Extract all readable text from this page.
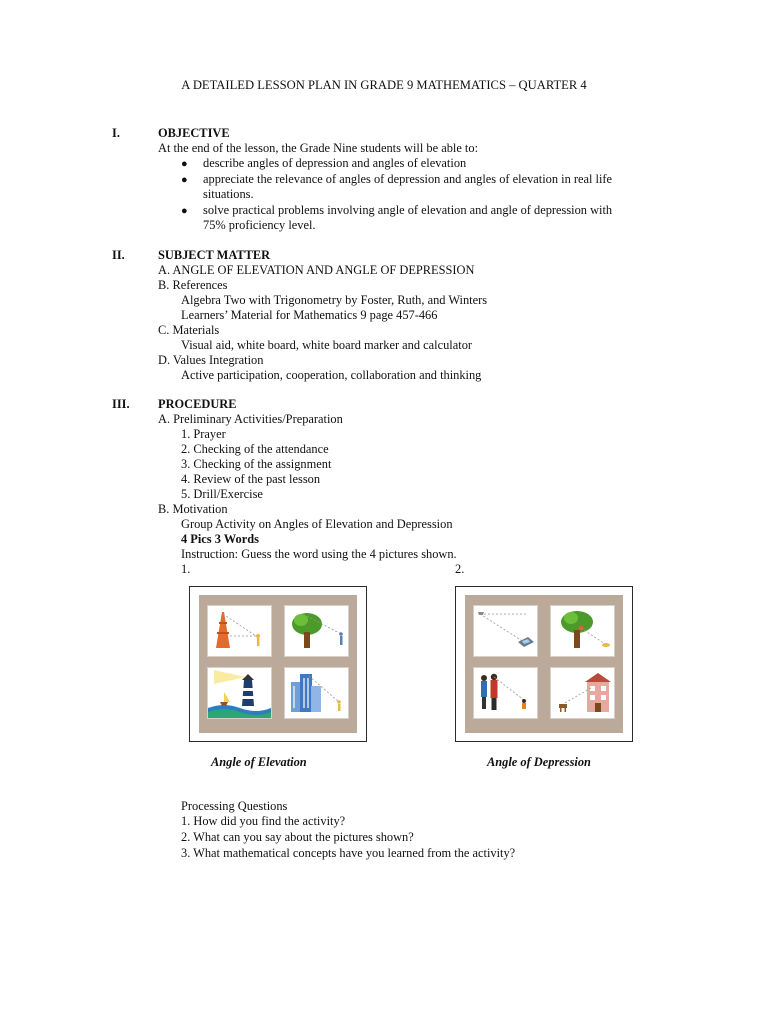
A DETAILED LESSON PLAN IN GRADE 9 MATHEMATICS – QUARTER 4
I.	OBJECTIVE
At the end of the lesson, the Grade Nine students will be able to:
● describe angles of depression and angles of elevation
● appreciate the relevance of angles of depression and angles of elevation in real life
situations.
● solve practical problems involving angle of elevation and angle of depression with
75% proficiency level.
II.	SUBJECT MATTER
A. ANGLE OF ELEVATION AND ANGLE OF DEPRESSION
B. References
Algebra Two with Trigonometry by Foster, Ruth, and Winters
Learners’ Material for Mathematics 9 page 457-466
C. Materials
Visual aid, white board, white board marker and calculator
D. Values Integration
Active participation, cooperation, collaboration and thinking
III. PROCEDURE
A. Preliminary Activities/Preparation
1. Prayer
2. Checking of the attendance
3. Checking of the assignment
4. Review of the past lesson
5. Drill/Exercise
B. Motivation
Group Activity on Angles of Elevation and Depression
4 Pics 3 Words
Instruction: Guess the word using the 4 pictures shown.
1.	2.
Angle of Elevation	Angle of Depression
Processing Questions
1. How did you find the activity?
2. What can you say about the pictures shown?
3. What mathematical concepts have you learned from the activity?
